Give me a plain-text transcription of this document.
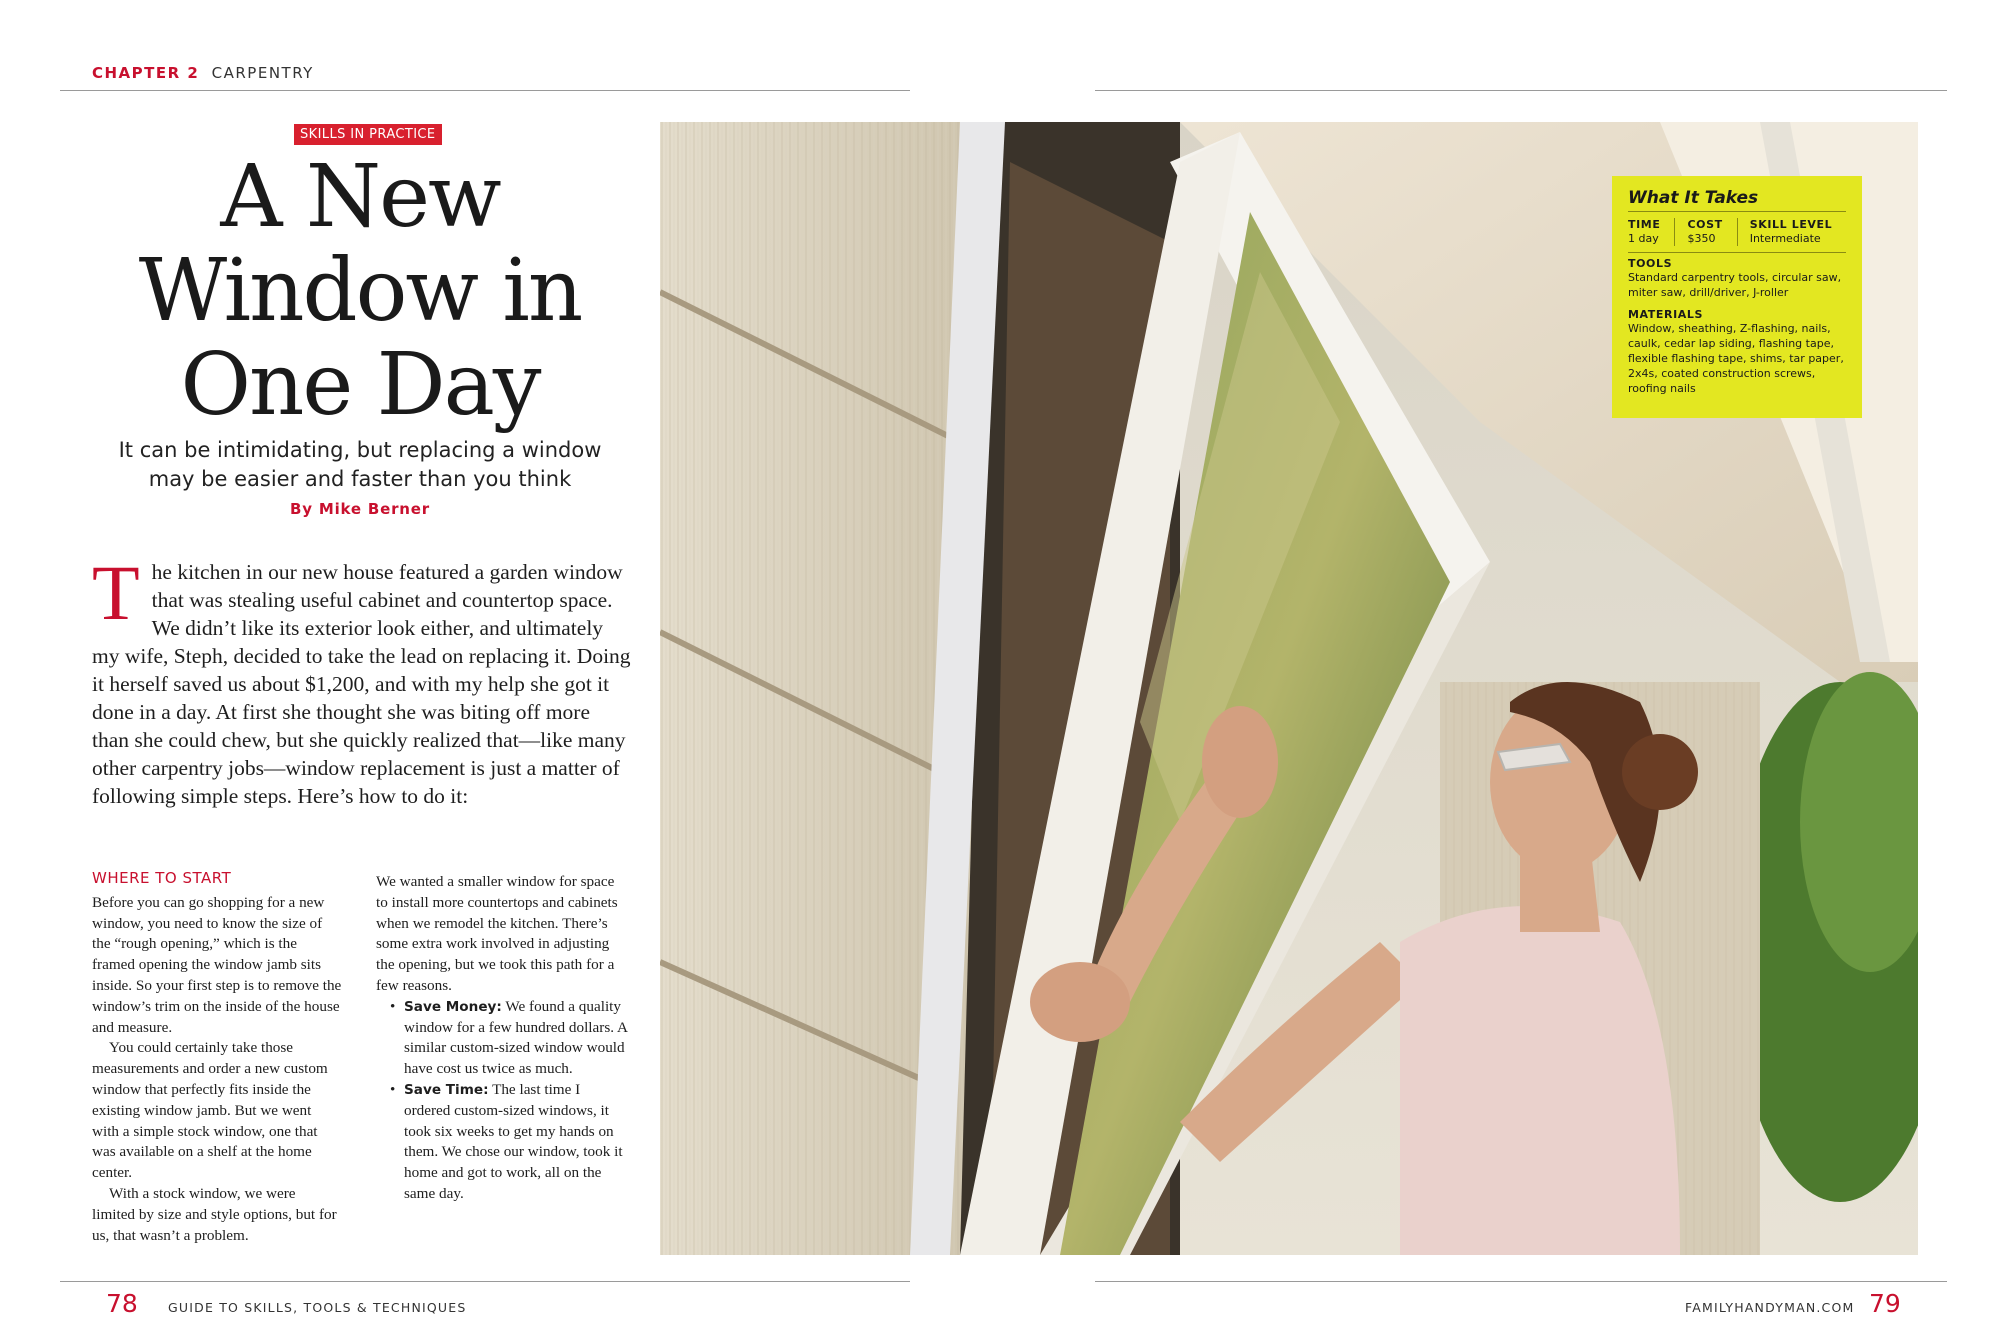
CHAPTER 2 CARPENTRY
SKILLS IN PRACTICE
A New
Window in
One Day
It can be intimidating, but replacing a window
may be easier and faster than you think
By Mike Berner
The kitchen in our new house featured a garden window that was stealing useful cabinet and countertop space. We didn’t like its exterior look either, and ultimately my wife, Steph, decided to take the lead on replacing it. Doing it herself saved us about $1,200, and with my help she got it done in a day. At first she thought she was biting off more than she could chew, but she quickly realized that—like many other carpentry jobs—window replacement is just a matter of following simple steps. Here’s how to do it:
WHERE TO START

Before you can go shopping for a new window, you need to know the size of the “rough opening,” which is the framed opening the window jamb sits inside. So your first step is to remove the window’s trim on the inside of the house and measure.

You could certainly take those measurements and order a new custom window that perfectly fits inside the existing window jamb. But we went with a simple stock window, one that was available on a shelf at the home center.

With a stock window, we were limited by size and style options, but for us, that wasn’t a problem.

We wanted a smaller window for space to install more countertops and cabinets when we remodel the kitchen. There’s some extra work involved in adjusting the opening, but we took this path for a few reasons.

• Save Money: We found a quality window for a few hundred dollars. A similar custom-sized window would have cost us twice as much.
• Save Time: The last time I ordered custom-sized windows, it took six weeks to get my hands on them. We chose our window, took it home and got to work, all on the same day.
What It Takes
TIME
1 day
COST
$350
SKILL LEVEL
Intermediate
TOOLS
Standard carpentry tools, circular saw, miter saw, drill/driver, J-roller
MATERIALS
Window, sheathing, Z-flashing, nails, caulk, cedar lap siding, flashing tape, flexible flashing tape, shims, tar paper, 2x4s, coated construction screws, roofing nails
78 GUIDE TO SKILLS, TOOLS & TECHNIQUES	FAMILYHANDYMAN.COM 79
